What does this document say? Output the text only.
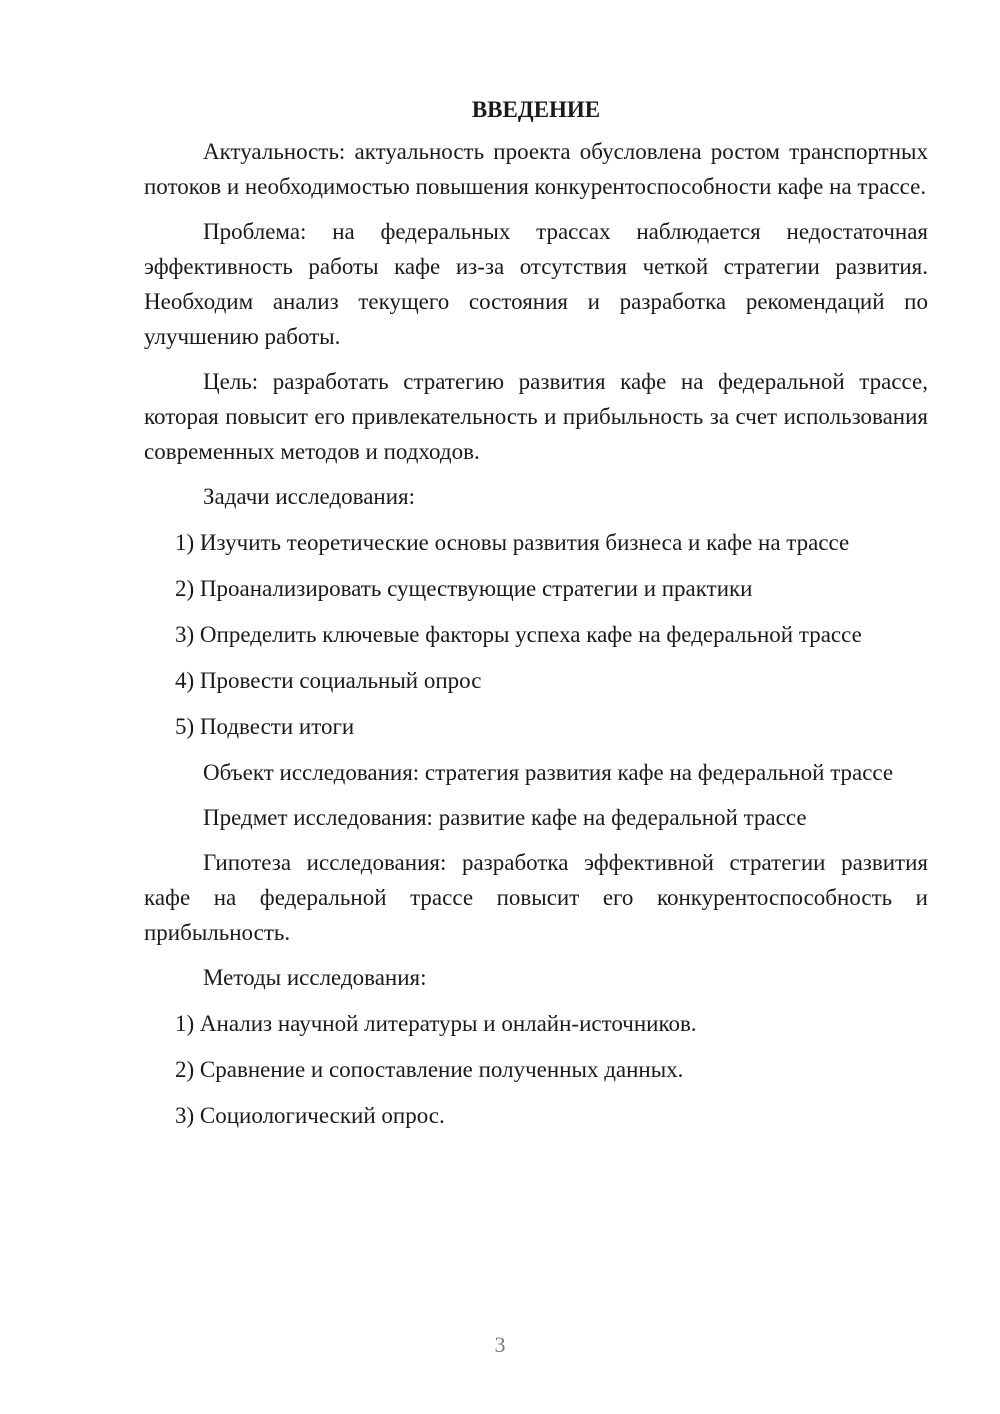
ВВЕДЕНИЕ

Актуальность: актуальность проекта обусловлена ростом транспортных потоков и необходимостью повышения конкурентоспособности кафе на трассе.

Проблема: на федеральных трассах наблюдается недостаточная эффективность работы кафе из-за отсутствия четкой стратегии развития. Необходим анализ текущего состояния и разработка рекомендаций по улучшению работы.

Цель: разработать стратегию развития кафе на федеральной трассе, которая повысит его привлекательность и прибыльность за счет использования современных методов и подходов.

Задачи исследования:

1) Изучить теоретические основы развития бизнеса и кафе на трассе

2) Проанализировать существующие стратегии и практики

3) Определить ключевые факторы успеха кафе на федеральной трассе

4) Провести социальный опрос

5) Подвести итоги

Объект исследования: стратегия развития кафе на федеральной трассе

Предмет исследования: развитие кафе на федеральной трассе

Гипотеза исследования: разработка эффективной стратегии развития кафе на федеральной трассе повысит его конкурентоспособность и прибыльность.

Методы исследования:

1) Анализ научной литературы и онлайн-источников.

2) Сравнение и сопоставление полученных данных.

3) Социологический опрос.

3
